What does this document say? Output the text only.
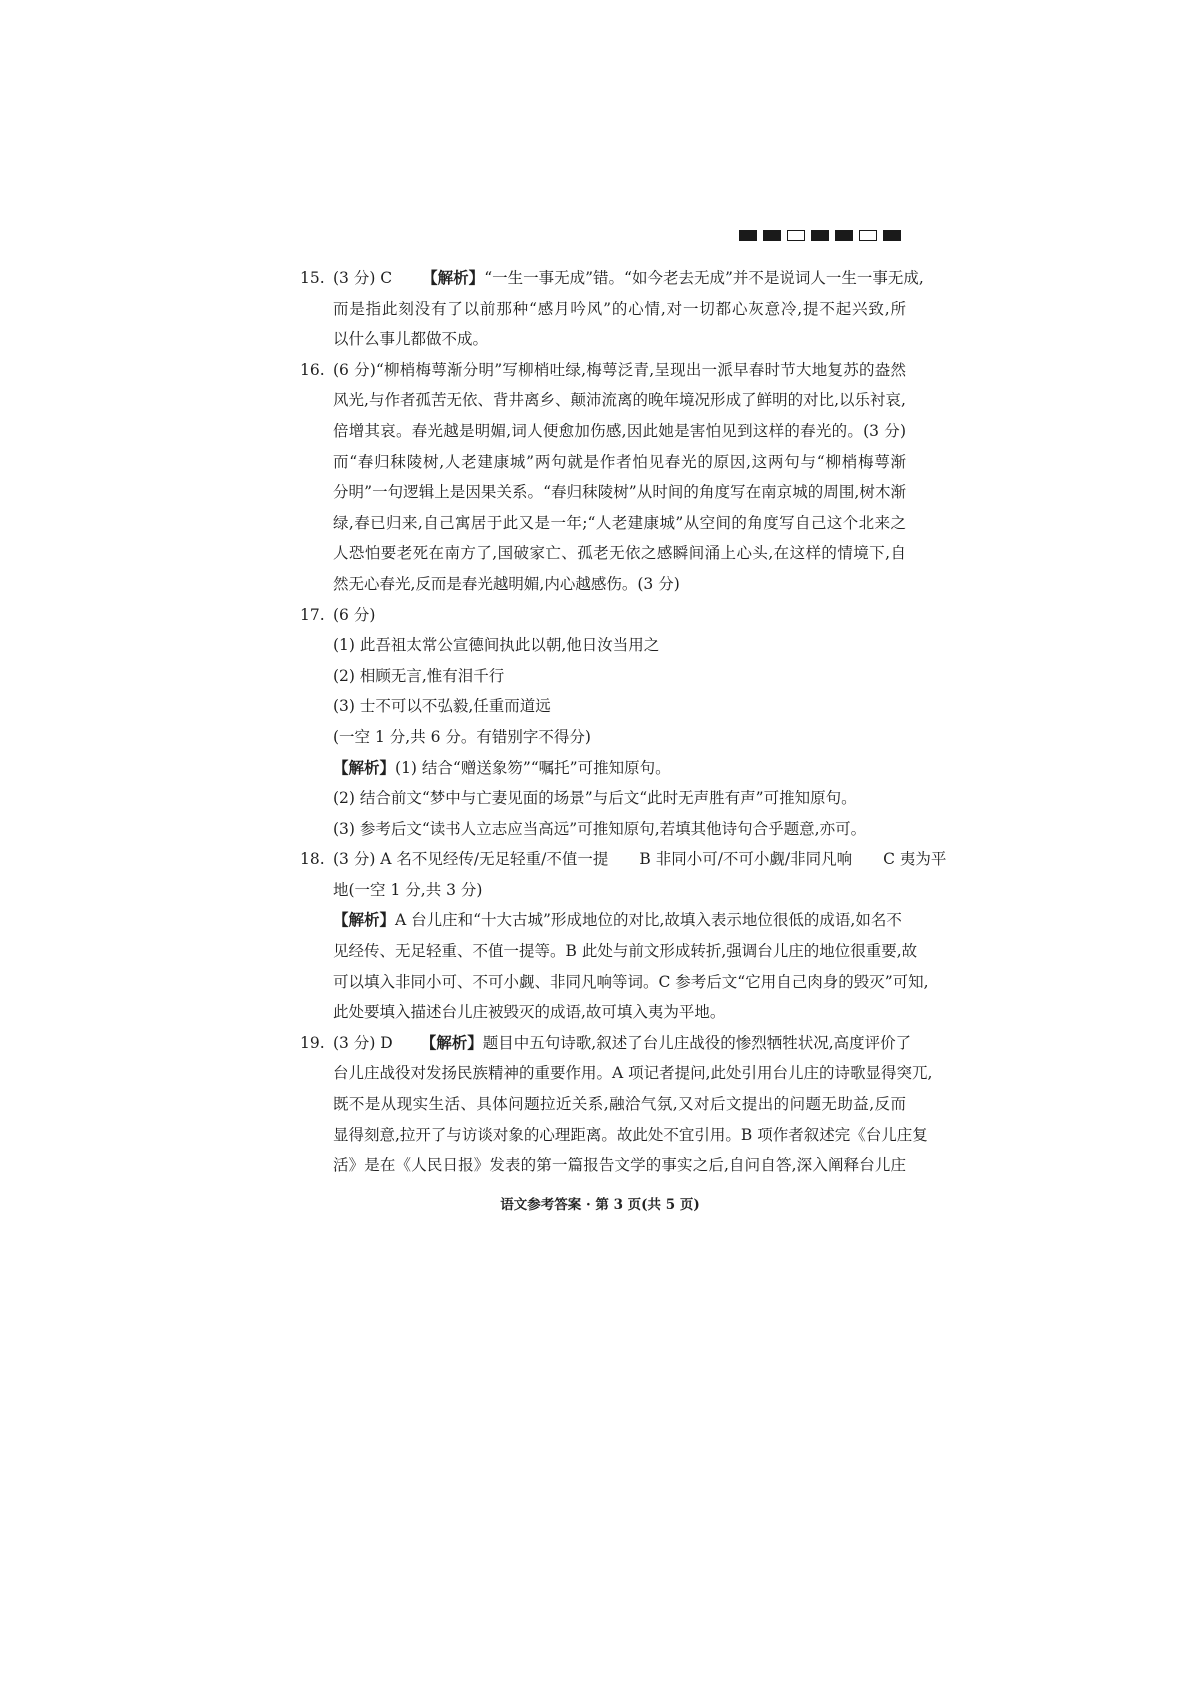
15. (3 分) C 【解析】“一生一事无成”错。“如今老去无成”并不是说词人一生一事无成,
而是指此刻没有了以前那种“感月吟风”的心情,对一切都心灰意冷,提不起兴致,所
以什么事儿都做不成。
16. (6 分)“柳梢梅萼渐分明”写柳梢吐绿,梅萼泛青,呈现出一派早春时节大地复苏的盎然
风光,与作者孤苦无依、背井离乡、颠沛流离的晚年境况形成了鲜明的对比,以乐衬哀,
倍增其哀。春光越是明媚,词人便愈加伤感,因此她是害怕见到这样的春光的。(3 分)
而“春归秣陵树,人老建康城”两句就是作者怕见春光的原因,这两句与“柳梢梅萼渐
分明”一句逻辑上是因果关系。“春归秣陵树”从时间的角度写在南京城的周围,树木渐
绿,春已归来,自己寓居于此又是一年;“人老建康城”从空间的角度写自己这个北来之
人恐怕要老死在南方了,国破家亡、孤老无依之感瞬间涌上心头,在这样的情境下,自
然无心春光,反而是春光越明媚,内心越感伤。(3 分)
17. (6 分)
(1) 此吾祖太常公宣德间执此以朝,他日汝当用之
(2) 相顾无言,惟有泪千行
(3) 士不可以不弘毅,任重而道远
(一空 1 分,共 6 分。有错别字不得分)
【解析】(1) 结合“赠送象笏”“嘱托”可推知原句。
(2) 结合前文“梦中与亡妻见面的场景”与后文“此时无声胜有声”可推知原句。
(3) 参考后文“读书人立志应当高远”可推知原句,若填其他诗句合乎题意,亦可。
18. (3 分) A 名不见经传/无足轻重/不值一提　　B 非同小可/不可小觑/非同凡响　　C 夷为平
地(一空 1 分,共 3 分)
【解析】A 台儿庄和“十大古城”形成地位的对比,故填入表示地位很低的成语,如名不
见经传、无足轻重、不值一提等。B 此处与前文形成转折,强调台儿庄的地位很重要,故
可以填入非同小可、不可小觑、非同凡响等词。C 参考后文“它用自己肉身的毁灭”可知,
此处要填入描述台儿庄被毁灭的成语,故可填入夷为平地。
19. (3 分) D 【解析】题目中五句诗歌,叙述了台儿庄战役的惨烈牺牲状况,高度评价了
台儿庄战役对发扬民族精神的重要作用。A 项记者提问,此处引用台儿庄的诗歌显得突兀,
既不是从现实生活、具体问题拉近关系,融洽气氛,又对后文提出的问题无助益,反而
显得刻意,拉开了与访谈对象的心理距离。故此处不宜引用。B 项作者叙述完《台儿庄复
活》是在《人民日报》发表的第一篇报告文学的事实之后,自问自答,深入阐释台儿庄
语文参考答案 · 第 3 页(共 5 页)
